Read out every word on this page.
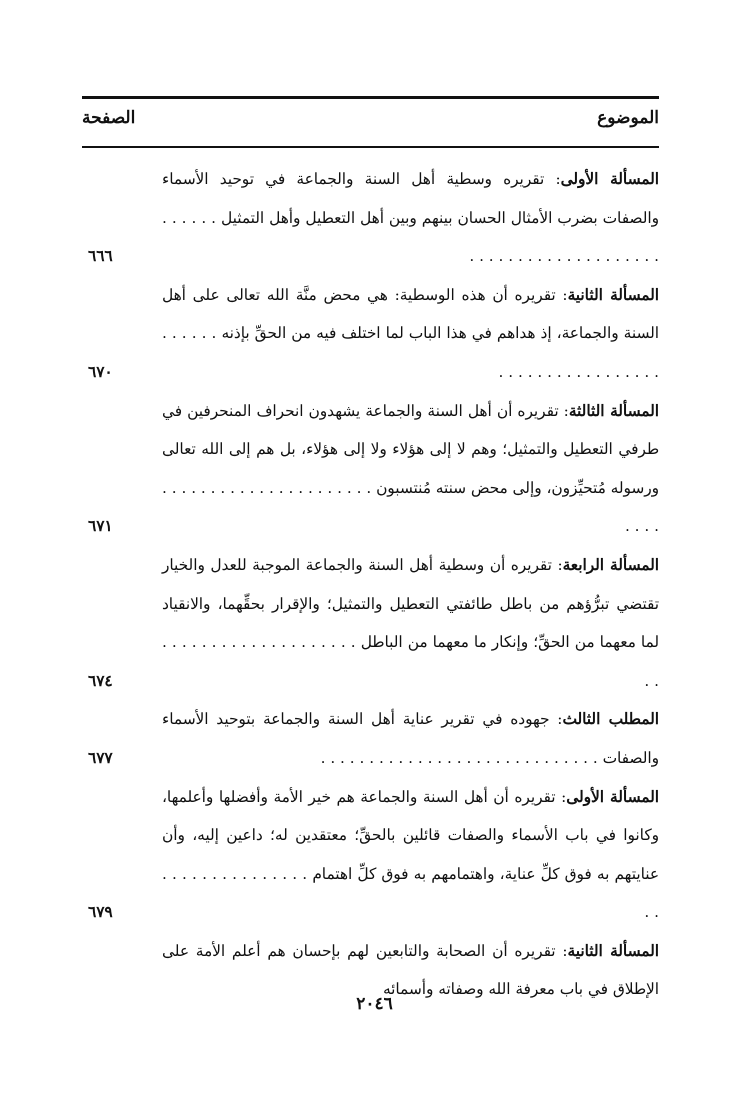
الموضوع
الصفحة
المسألة الأولى: تقريره وسطية أهل السنة والجماعة في توحيد الأسماء والصفات بضرب الأمثال الحسان بينهم وبين أهل التعطيل وأهل التمثيل . . . . . . . . . . . . . . . . . . . . . . . . . .
٦٦٦
المسألة الثانية: تقريره أن هذه الوسطية: هي محض منَّة الله تعالى على أهل السنة والجماعة، إذ هداهم في هذا الباب لما اختلف فيه من الحقِّ بإذنه . . . . . . . . . . . . . . . . . . . . . . .
٦٧٠
المسألة الثالثة: تقريره أن أهل السنة والجماعة يشهدون انحراف المنحرفين في طرفي التعطيل والتمثيل؛ وهم لا إلى هؤلاء ولا إلى هؤلاء، بل هم إلى الله تعالى ورسوله مُتحيِّزون، وإلى محض سنته مُنتسبون . . . . . . . . . . . . . . . . . . . . . . . . . .
٦٧١
المسألة الرابعة: تقريره أن وسطية أهل السنة والجماعة الموجبة للعدل والخيار تقتضي تبرُّؤهم من باطل طائفتي التعطيل والتمثيل؛ والإقرار بحقِّهما، والانقياد لما معهما من الحقِّ؛ وإنكار ما معهما من الباطل . . . . . . . . . . . . . . . . . . . . . .
٦٧٤
المطلب الثالث: جهوده في تقرير عناية أهل السنة والجماعة بتوحيد الأسماء والصفات . . . . . . . . . . . . . . . . . . . . . . . . . . . . .
٦٧٧
المسألة الأولى: تقريره أن أهل السنة والجماعة هم خير الأمة وأفضلها وأعلمها، وكانوا في باب الأسماء والصفات قائلين بالحقِّ؛ معتقدين له؛ داعين إليه، وأن عنايتهم به فوق كلِّ عناية، واهتمامهم به فوق كلِّ اهتمام . . . . . . . . . . . . . . . . .
٦٧٩
المسألة الثانية: تقريره أن الصحابة والتابعين لهم بإحسان هم أعلم الأمة على الإطلاق في باب معرفة الله وصفاته وأسمائه
٢٠٤٦
